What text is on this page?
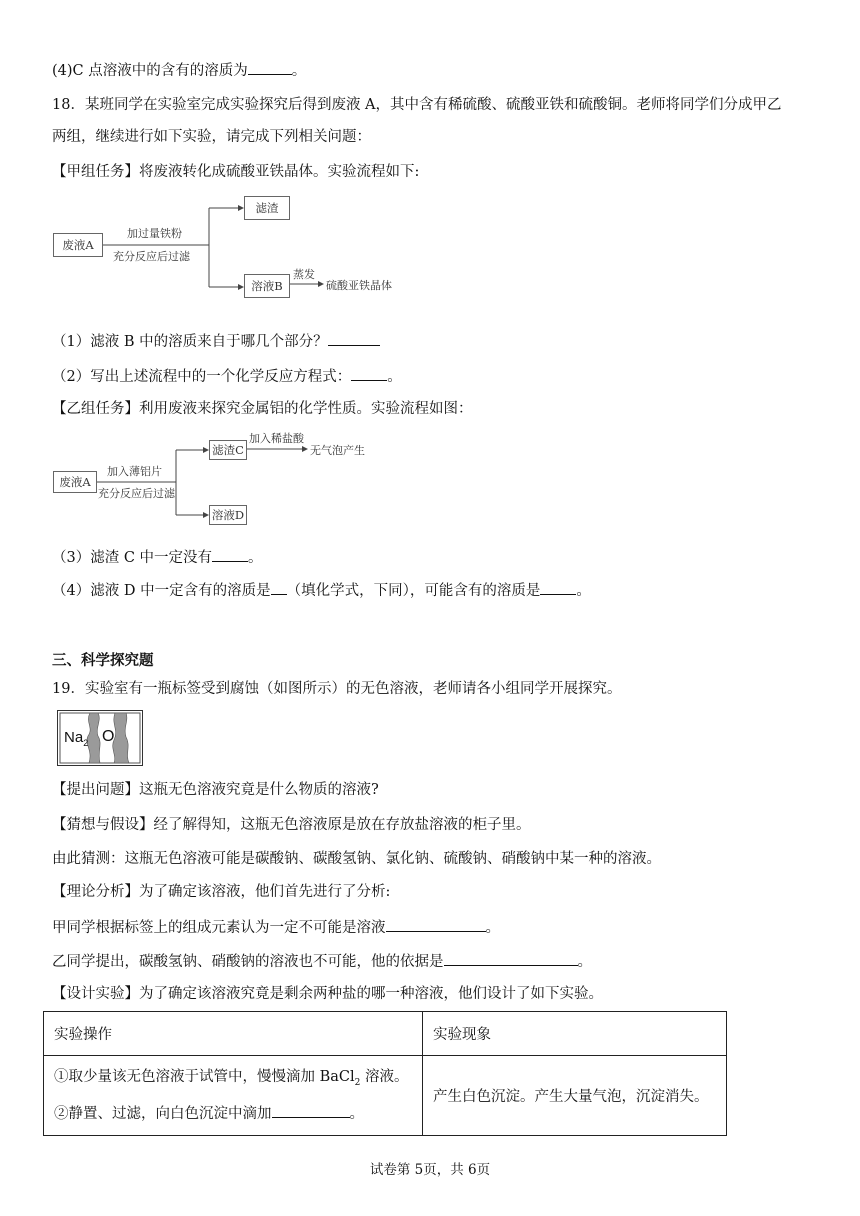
(4)C 点溶液中的含有的溶质为	。
18．某班同学在实验室完成实验探究后得到废液 A，其中含有稀硫酸、硫酸亚铁和硫酸铜。老师将同学们分成甲乙
两组，继续进行如下实验，请完成下列相关问题：
【甲组任务】将废液转化成硫酸亚铁晶体。实验流程如下:
废液A
加过量铁粉
充分反应后过滤
滤渣
溶液B
蒸发
硫酸亚铁晶体
（1）滤液 B 中的溶质来自于哪几个部分？
（2）写出上述流程中的一个化学反应方程式： 。
【乙组任务】利用废液来探究金属铝的化学性质。实验流程如图：
废液A
加入薄铝片
充分反应后过滤
滤渣C
加入稀盐酸
无气泡产生
溶液D
（3）滤渣 C 中一定没有 。
（4）滤液 D 中一定含有的溶质是 （填化学式，下同），可能含有的溶质是 。
三、科学探究题
19．实验室有一瓶标签受到腐蚀（如图所示）的无色溶液，老师请各小组同学开展探究。
$Na_2$ O
【提出问题】这瓶无色溶液究竟是什么物质的溶液?
【猜想与假设】经了解得知，这瓶无色溶液原是放在存放盐溶液的柜子里。
由此猜测：这瓶无色溶液可能是碳酸钠、碳酸氢钠、氯化钠、硫酸钠、硝酸钠中某一种的溶液。
【理论分析】为了确定该溶液，他们首先进行了分析:
甲同学根据标签上的组成元素认为一定不可能是溶液	。
乙同学提出，碳酸氢钠、硝酸钠的溶液也不可能，他的依据是	。
【设计实验】为了确定该溶液究竟是剩余两种盐的哪一种溶液，他们设计了如下实验。
实验操作	实验现象

①取少量该无色溶液于试管中，慢慢滴加 BaCl$_2$ 溶液。
②静置、过滤，向白色沉淀中滴加 。	产生白色沉淀。产生大量气泡，沉淀消失。
试卷第 5页，共 6页
